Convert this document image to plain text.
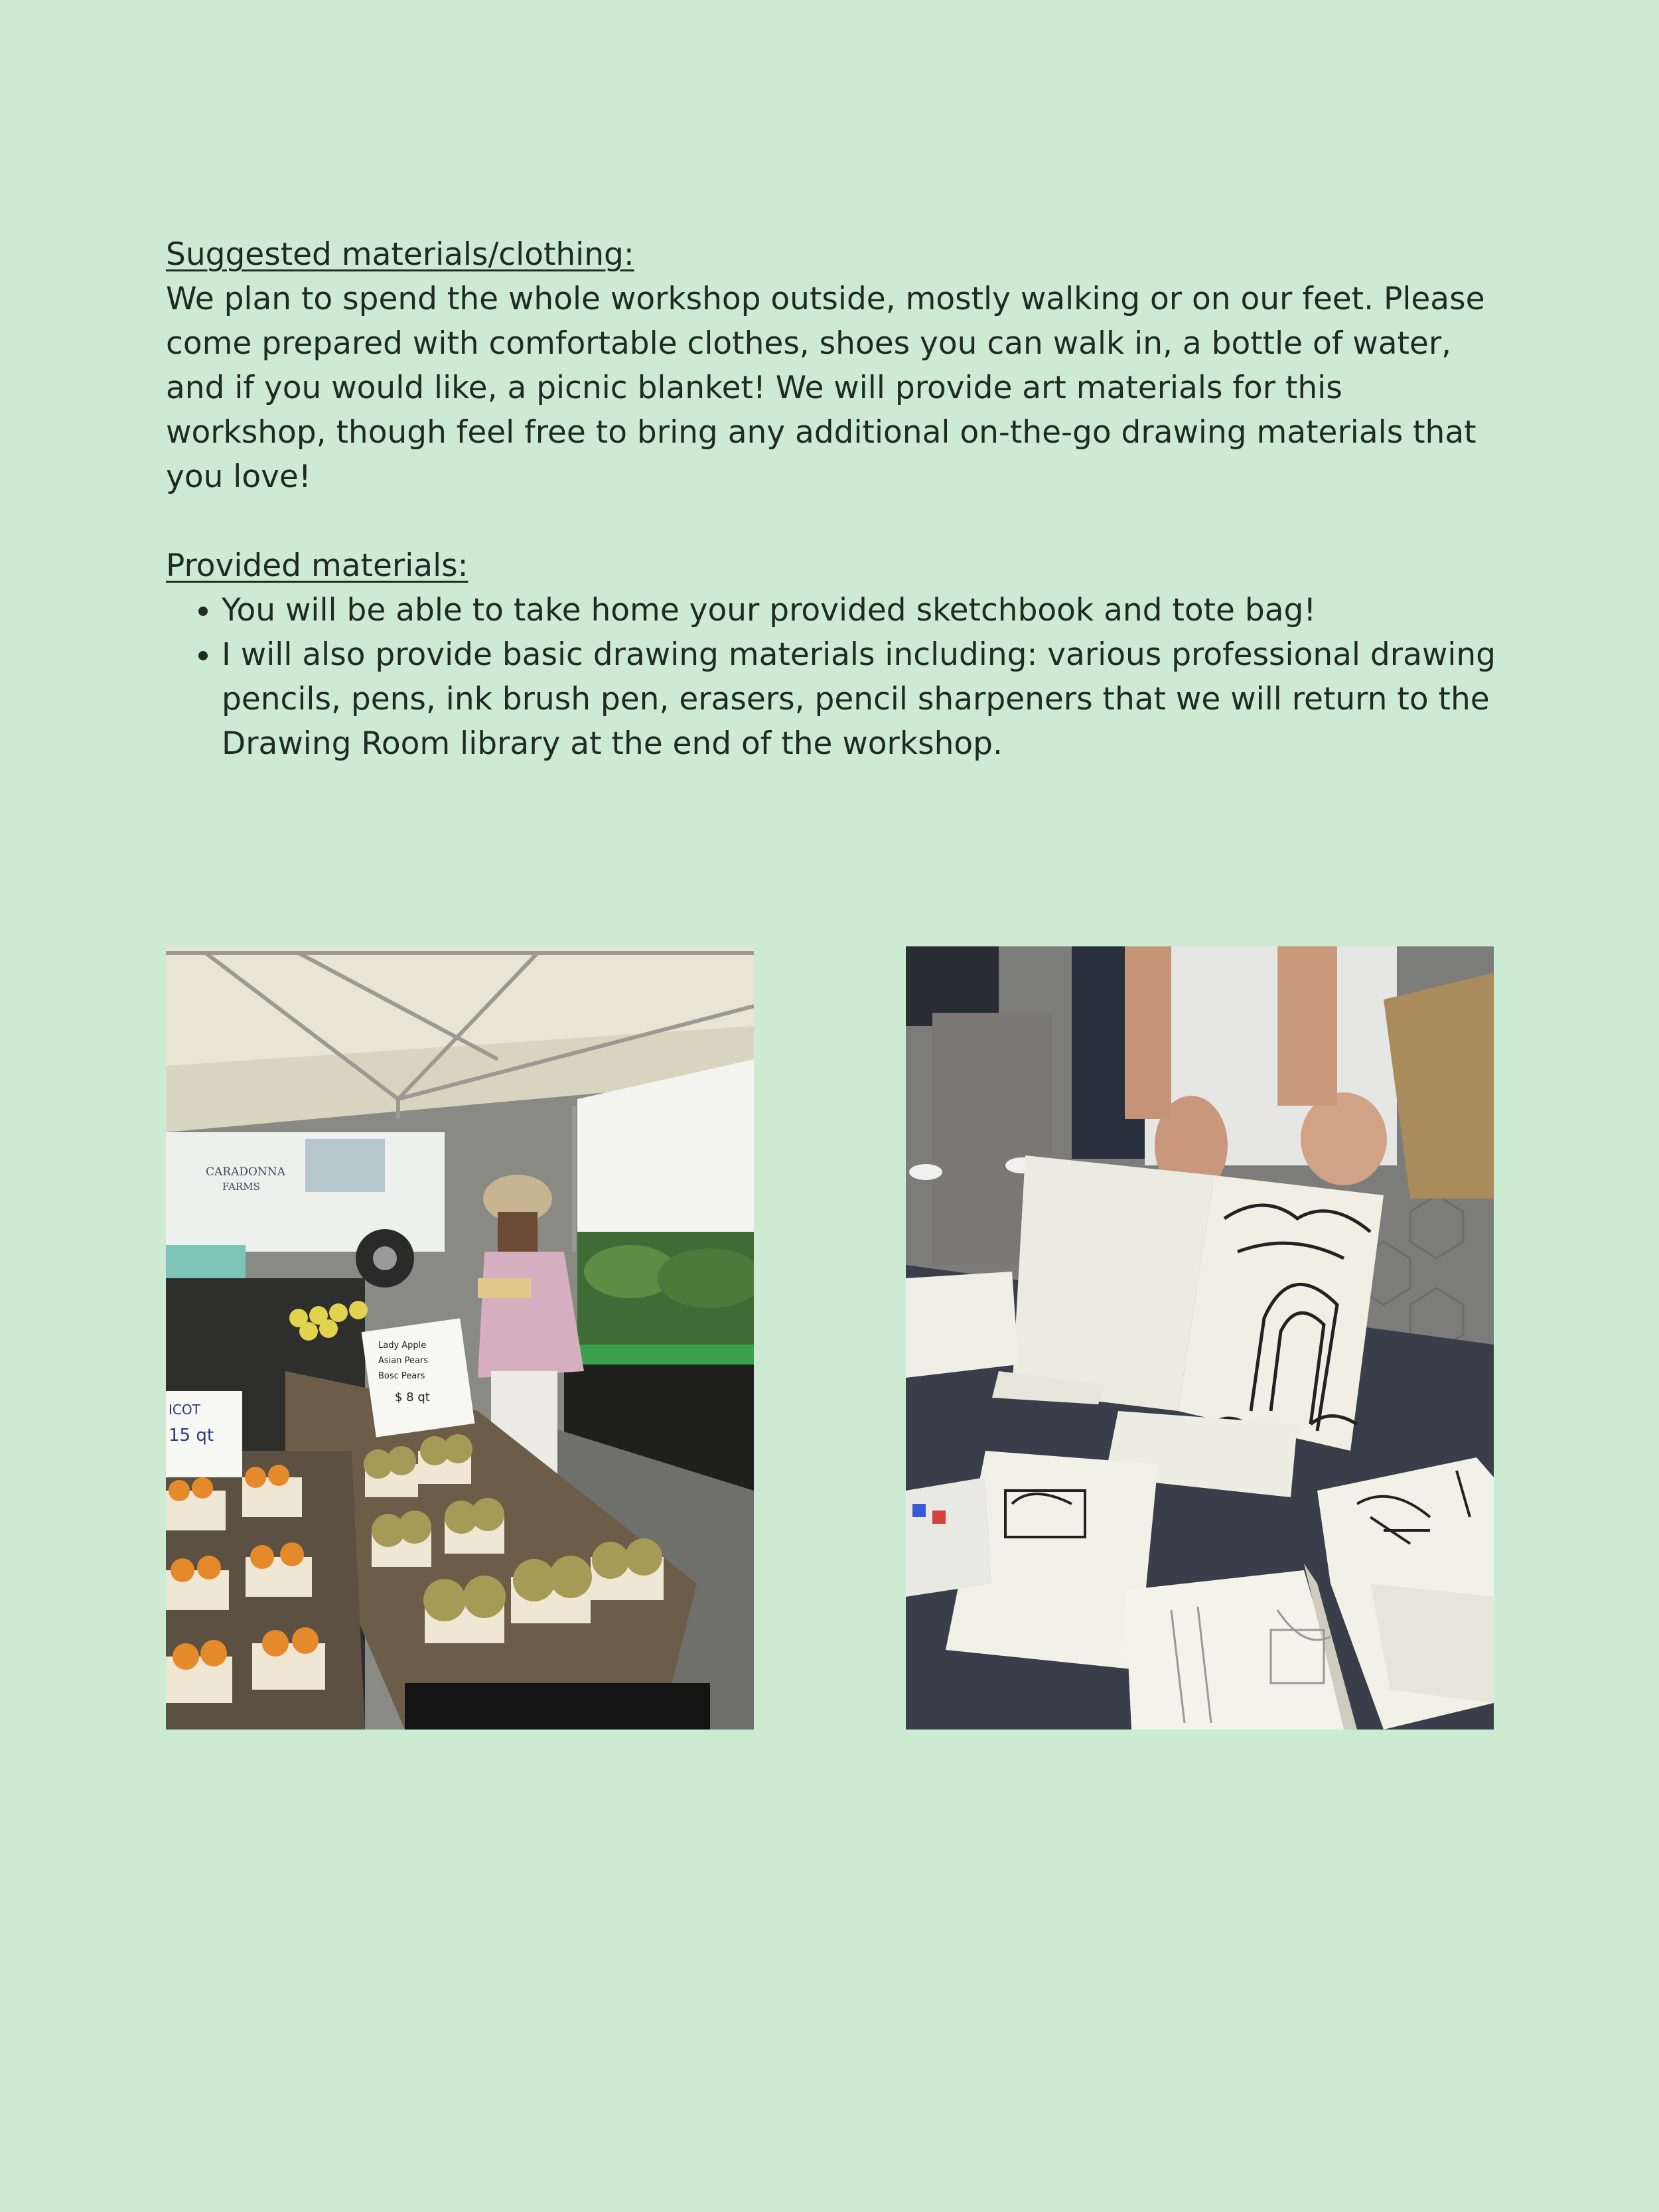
Suggested materials/clothing:

We plan to spend the whole workshop outside, mostly walking or on our feet. Please come prepared with comfortable clothes, shoes you can walk in, a bottle of water, and if you would like, a picnic blanket! We will provide art materials for this workshop, though feel free to bring any additional on-the-go drawing materials that you love!

Provided materials:

• You will be able to take home your provided sketchbook and tote bag!
• I will also provide basic drawing materials including: various professional drawing pencils, pens, ink brush pen, erasers, pencil sharpeners that we will return to the Drawing Room library at the end of the workshop.
CARADONNA
FARMS
Lady Apple
Asian Pears
Bosc Pears
$ 8 qt
ICOT
15 qt
